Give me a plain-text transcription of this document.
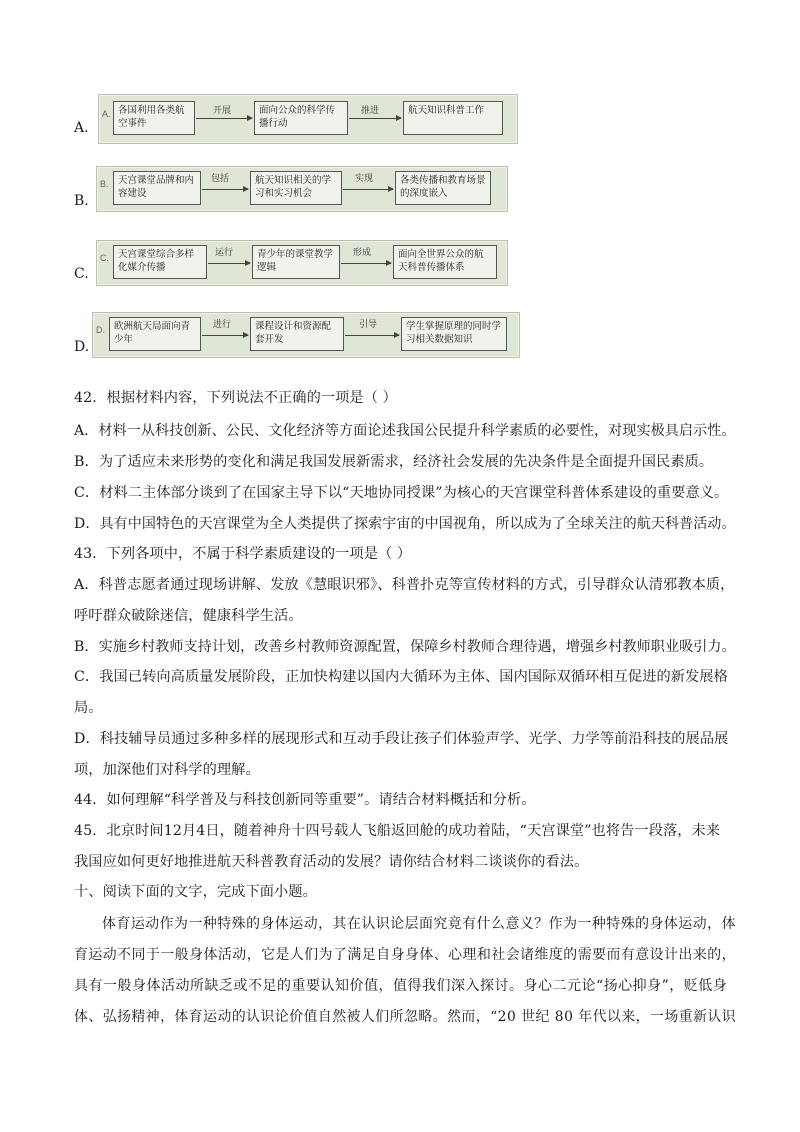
A.
A. 各国利用各类航空事件
开展	面向公众的科学传播行动
推进	航天知识科普工作
B.
B. 天宫课堂品牌和内容建设
包括	航天知识相关的学习和实习机会
实现	各类传播和教育场景的深度嵌入
C.
C. 天宫课堂综合多样化媒介传播
运行	青少年的课堂教学逻辑
形成	面向全世界公众的航天科普传播体系
D.
D. 欧洲航天局面向青少年
进行	课程设计和资源配套开发
引导	学生掌握原理的同时学习相关数据知识
42．根据材料内容，下列说法不正确的一项是（ ）
A．材料一从科技创新、公民、文化经济等方面论述我国公民提升科学素质的必要性，对现实极具启示性。
B．为了适应未来形势的变化和满足我国发展新需求，经济社会发展的先决条件是全面提升国民素质。
C．材料二主体部分谈到了在国家主导下以“天地协同授课”为核心的天宫课堂科普体系建设的重要意义。
D．具有中国特色的天宫课堂为全人类提供了探索宇宙的中国视角，所以成为了全球关注的航天科普活动。
43．下列各项中，不属于科学素质建设的一项是（ ）
A．科普志愿者通过现场讲解、发放《慧眼识邪》、科普扑克等宣传材料的方式，引导群众认清邪教本质，
呼吁群众破除迷信，健康科学生活。
B．实施乡村教师支持计划，改善乡村教师资源配置，保障乡村教师合理待遇，增强乡村教师职业吸引力。
C．我国已转向高质量发展阶段，正加快构建以国内大循环为主体、国内国际双循环相互促进的新发展格
局。
D．科技辅导员通过多种多样的展现形式和互动手段让孩子们体验声学、光学、力学等前沿科技的展品展
项，加深他们对科学的理解。
44．如何理解“科学普及与科技创新同等重要”。请结合材料概括和分析。
45．北京时间12月4日，随着神舟十四号载人飞船返回舱的成功着陆，“天宫课堂”也将告一段落，未来
我国应如何更好地推进航天科普教育活动的发展？请你结合材料二谈谈你的看法。
十、阅读下面的文字，完成下面小题。
体育运动作为一种特殊的身体运动，其在认识论层面究竟有什么意义？作为一种特殊的身体运动，体
育运动不同于一般身体活动，它是人们为了满足自身身体、心理和社会诸维度的需要而有意设计出来的，
具有一般身体活动所缺乏或不足的重要认知价值，值得我们深入探讨。身心二元论“扬心抑身”，贬低身
体、弘扬精神，体育运动的认识论价值自然被人们所忽略。然而，“20 世纪 80 年代以来，一场重新认识
